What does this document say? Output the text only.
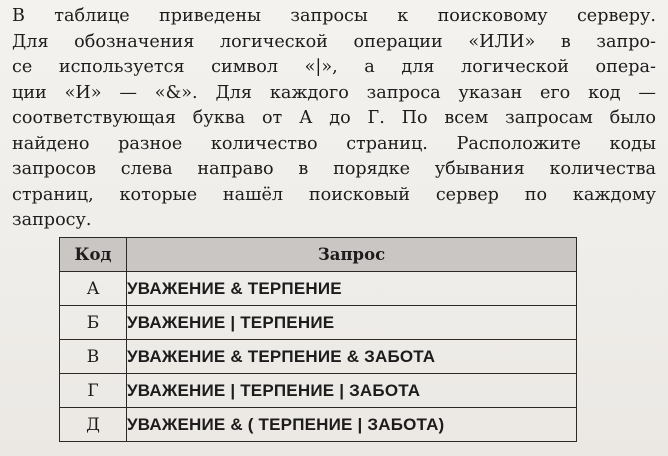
В таблице приведены запросы к поисковому серверу.
Для обозначения логической операции «ИЛИ» в запро-
се используется символ «|», а для логической опера-
ции «И» — «&». Для каждого запроса указан его код —
соответствующая буква от А до Г. По всем запросам было
найдено разное количество страниц. Расположите коды
запросов слева направо в порядке убывания количества
страниц, которые нашёл поисковый сервер по каждому
запросу.

Код	Запрос
А	УВАЖЕНИЕ & ТЕРПЕНИЕ
Б	УВАЖЕНИЕ | ТЕРПЕНИЕ
В	УВАЖЕНИЕ & ТЕРПЕНИЕ & ЗАБОТА
Г	УВАЖЕНИЕ | ТЕРПЕНИЕ | ЗАБОТА
Д	УВАЖЕНИЕ & ( ТЕРПЕНИЕ | ЗАБОТА)
